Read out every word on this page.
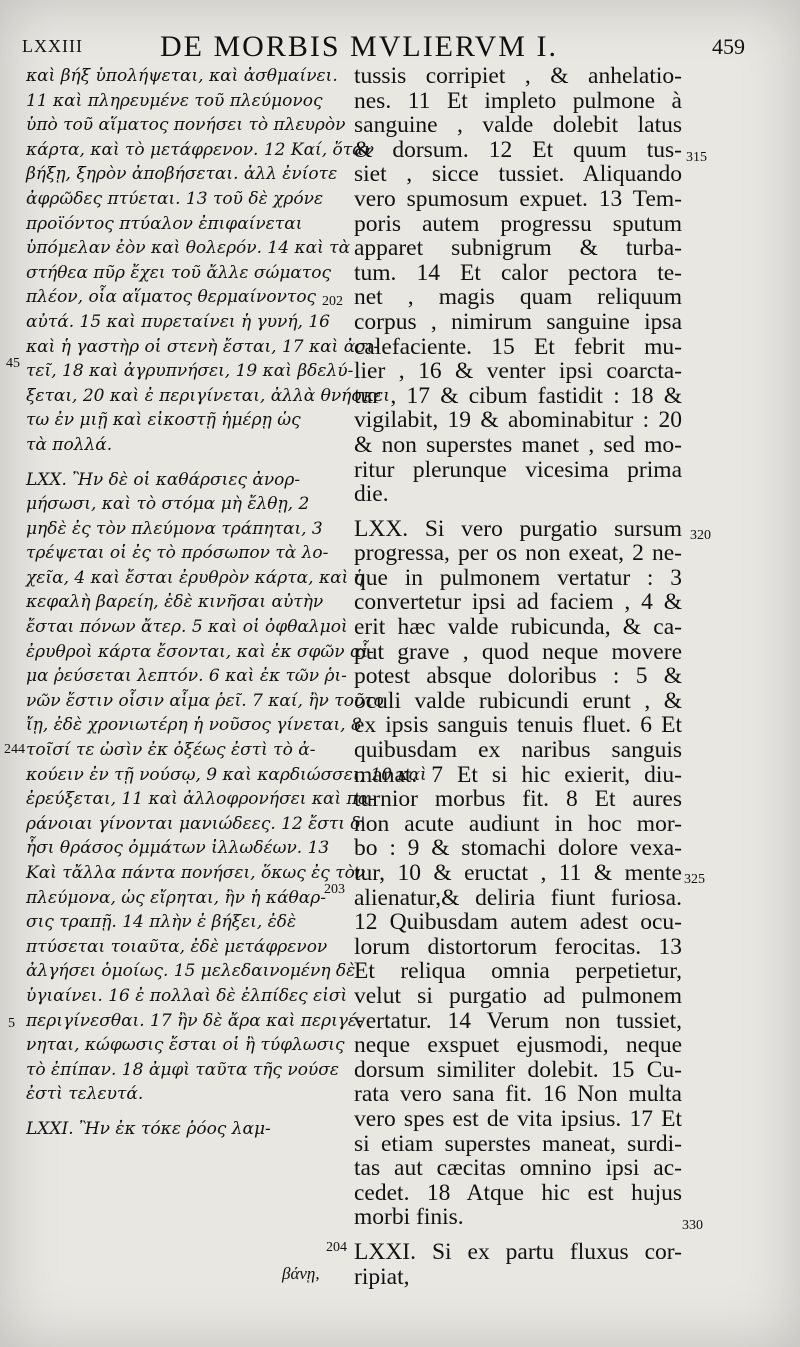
LXXIII	DE MORBIS MVLIERVM I.	459
καὶ βήξ ὑπολήψεται, καὶ ἀσθμαίνει.
11 καὶ πληρευμένε τοῦ πλεύμονος
ὑπὸ τοῦ αἵματος πονήσει τὸ πλευρὸν
κάρτα, καὶ τὸ μετάφρενον. 12 Καί, ὅταν
βήξῃ, ξηρὸν ἀποβήσεται. ἀλλ ἐνίοτε
ἀφρῶδες πτύεται. 13 τοῦ δὲ χρόνε
προϊόντος πτύαλον ἐπιφαίνεται
ὑπόμελαν ἐὸν καὶ θολερόν. 14 καὶ τὰ
στήθεα πῦρ ἔχει τοῦ ἄλλε σώματος
πλέον, οἷα αἵματος θερμαίνοντος
αὐτά. 15 καὶ πυρεταίνει ἡ γυνή, 16
καὶ ἡ γαστὴρ οἱ στενὴ ἔσται, 17 καὶ ἀσι-
τεῖ, 18 καὶ ἀγρυπνήσει, 19 καὶ βδελύ-
ξεται, 20 καὶ ἐ περιγίνεται, ἀλλὰ θνήσκει
τω ἐν μιῇ καὶ εἰκοστῇ ἡμέρῃ ὡς
τὰ πολλά.
LXX. Ἢν δὲ οἱ καθάρσιες ἀνορ-
μήσωσι, καὶ τὸ στόμα μὴ ἔλθῃ, 2
μηδὲ ἐς τὸν πλεύμονα τράπηται, 3
τρέψεται οἱ ἐς τὸ πρόσωπον τὰ λο-
χεῖα, 4 καὶ ἔσται ἐρυθρὸν κάρτα, καὶ ἡ
κεφαλὴ βαρείη, ἐδὲ κινῆσαι αὐτὴν
ἔσται πόνων ἄτερ. 5 καὶ οἱ ὀφθαλμοὶ
ἐρυθροὶ κάρτα ἔσονται, καὶ ἐκ σφῶν αἷ-
μα ῥεύσεται λεπτόν. 6 καὶ ἐκ τῶν ῥι-
νῶν ἔστιν οἷσιν αἷμα ῥεῖ. 7 καί, ἢν τοῦτο
ἴῃ, ἐδὲ χρονιωτέρη ἡ νοῦσος γίνεται, 8
τοῖσί τε ὠσὶν ἐκ ὀξέως ἐστὶ τὸ ἀ-
κούειν ἐν τῇ νούσῳ, 9 καὶ καρδιώσσει, 10 καὶ
ἐρεύξεται, 11 καὶ ἀλλοφρονήσει καὶ πα-
ράνοιαι γίνονται μανιώδεες. 12 ἔστι δ'
ἧσι θράσος ὀμμάτων ἰλλωδέων. 13
Καὶ τἄλλα πάντα πονήσει, ὅκως ἐς τὸν
πλεύμονα, ὡς εἴρηται, ἢν ἡ κάθαρ-
σις τραπῇ. 14 πλὴν ἐ βήξει, ἐδὲ
πτύσεται τοιαῦτα, ἐδὲ μετάφρενον
ἀλγήσει ὁμοίως. 15 μελεδαινομένη δὲ
ὑγιαίνει. 16 ἐ πολλαὶ δὲ ἐλπίδες εἰσὶ
περιγίνεσθαι. 17 ἢν δὲ ἄρα καὶ περιγέ-
νηται, κώφωσις ἔσται οἱ ἢ τύφλωσις
τὸ ἐπίπαν. 18 ἀμφὶ ταῦτα τῆς νούσε
ἐστὶ τελευτά.
LXXI. Ἢν ἐκ τόκε ῥόος λαμ-
tussis corripiet , & anhelatio-
nes. 11 Et impleto pulmone à
sanguine , valde dolebit latus
& dorsum. 12 Et quum tus-
siet , sicce tussiet. Aliquando
vero spumosum expuet. 13 Tem-
poris autem progressu sputum
apparet subnigrum & turba-
tum. 14 Et calor pectora te-
net , magis quam reliquum
corpus , nimirum sanguine ipsa
calefaciente. 15 Et febrit mu-
lier , 16 & venter ipsi coarcta-
tur , 17 & cibum fastidit : 18 &
vigilabit, 19 & abominabitur : 20
& non superstes manet , sed mo-
ritur plerunque vicesima prima
die.
LXX. Si vero purgatio sursum
progressa, per os non exeat, 2 ne-
que in pulmonem vertatur : 3
convertetur ipsi ad faciem , 4 &
erit hæc valde rubicunda, & ca-
put grave , quod neque movere
potest absque doloribus : 5 &
oculi valde rubicundi erunt , &
ex ipsis sanguis tenuis fluet. 6 Et
quibusdam ex naribus sanguis
manat. 7 Et si hic exierit, diu-
turnior morbus fit. 8 Et aures
non acute audiunt in hoc mor-
bo : 9 & stomachi dolore vexa-
tur, 10 & eructat , 11 & mente
alienatur,& deliria fiunt furiosa.
12 Quibusdam autem adest ocu-
lorum distortorum ferocitas. 13
Et reliqua omnia perpetietur,
velut si purgatio ad pulmonem
vertatur. 14 Verum non tussiet,
neque exspuet ejusmodi, neque
dorsum similiter dolebit. 15 Cu-
rata vero sana fit. 16 Non multa
vero spes est de vita ipsius. 17 Et
si etiam superstes maneat, surdi-
tas aut cæcitas omnino ipsi ac-
cedet. 18 Atque hic est hujus
morbi finis.
LXXI. Si ex partu fluxus cor-
ripiat,
202
45
244
203
5
204
315
320
325
330
βάνῃ,
